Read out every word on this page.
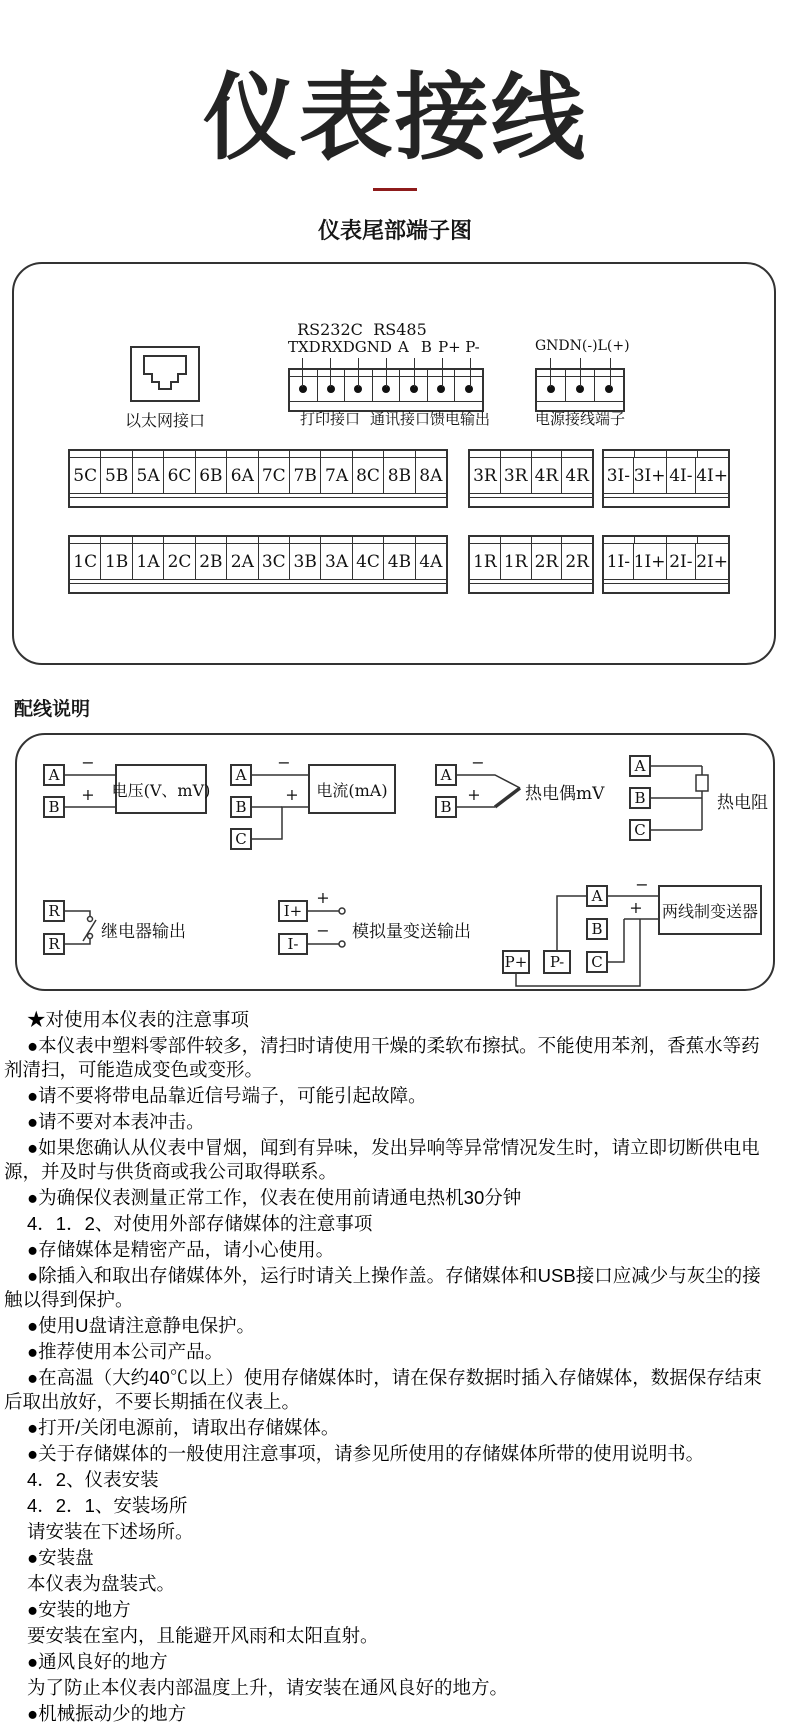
仪表接线
仪表尾部端子图
以太网接口
RS232C RS485
TXD RXD GND A B P+ P-
打印接口 通讯接口 馈电输出
GND N(-) L(+)
电源接线端子
5C 5B 5A 6C 6B 6A 7C 7B 7A 8C 8B 8A 3R 3R 4R 4R 3I- 3I+ 4I- 4I+
1C 1B 1A 2C 2B 2A 3C 3B 3A 4C 4B 4A 1R 1R 2R 2R 1I- 1I+ 2I- 2I+
配线说明
A
B
−
+ 电压(V、mV)
A
B
C
−
+	电流(mA)
A
B
−
+	热电偶mV
A
B
C
热电阻
R
R
继电器输出
I+
I-
+
− 模拟量变送输出
A
B
C
P+	P-
−
+ 两线制变送器

★对使用本仪表的注意事项

●本仪表中塑料零部件较多，清扫时请使用干燥的柔软布擦拭。不能使用苯剂，香蕉水等药剂清扫，可能造成变色或变形。

●请不要将带电品靠近信号端子，可能引起故障。

●请不要对本表冲击。

●如果您确认从仪表中冒烟，闻到有异味，发出异响等异常情况发生时，请立即切断供电电源，并及时与供货商或我公司取得联系。

●为确保仪表测量正常工作，仪表在使用前请通电热机30分钟

4．1．2、对使用外部存储媒体的注意事项

●存储媒体是精密产品，请小心使用。

●除插入和取出存储媒体外，运行时请关上操作盖。存储媒体和USB接口应减少与灰尘的接触以得到保护。

●使用U盘请注意静电保护。

●推荐使用本公司产品。

●在高温（大约40℃以上）使用存储媒体时，请在保存数据时插入存储媒体，数据保存结束后取出放好，不要长期插在仪表上。

●打开/关闭电源前，请取出存储媒体。

●关于存储媒体的一般使用注意事项，请参见所使用的存储媒体所带的使用说明书。

4．2、仪表安装

4．2．1、安装场所

请安装在下述场所。

●安装盘

本仪表为盘装式。

●安装的地方

要安装在室内，且能避开风雨和太阳直射。

●通风良好的地方

为了防止本仪表内部温度上升，请安装在通风良好的地方。

●机械振动少的地方
